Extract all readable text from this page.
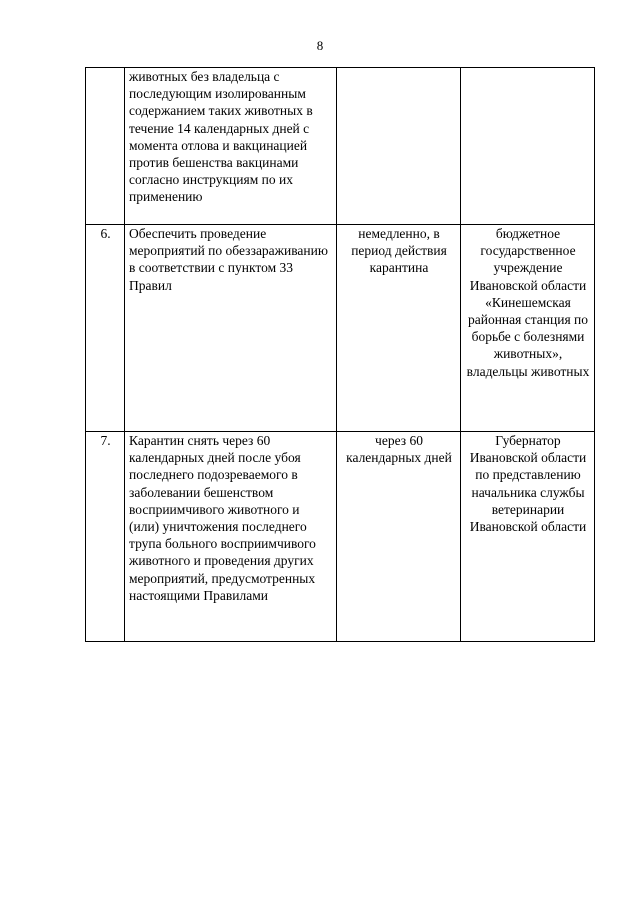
8
	животных без владельца с последующим изолированным содержанием таких животных в течение 14 календарных дней с момента отлова и вакцинацией против бешенства вакцинами согласно инструкциям по их применению		
6.	Обеспечить проведение мероприятий по обеззараживанию в соответствии с пунктом 33 Правил	немедленно, в период действия карантина	бюджетное государственное учреждение Ивановской области «Кинешемская районная станция по борьбе с болезнями животных», владельцы животных
7.	Карантин снять через 60 календарных дней после убоя последнего подозреваемого в заболевании бешенством восприимчивого животного и (или) уничтожения последнего трупа больного восприимчивого животного и проведения других мероприятий, предусмотренных настоящими Правилами	через 60 календарных дней	Губернатор Ивановской области по представлению начальника службы ветеринарии Ивановской области
